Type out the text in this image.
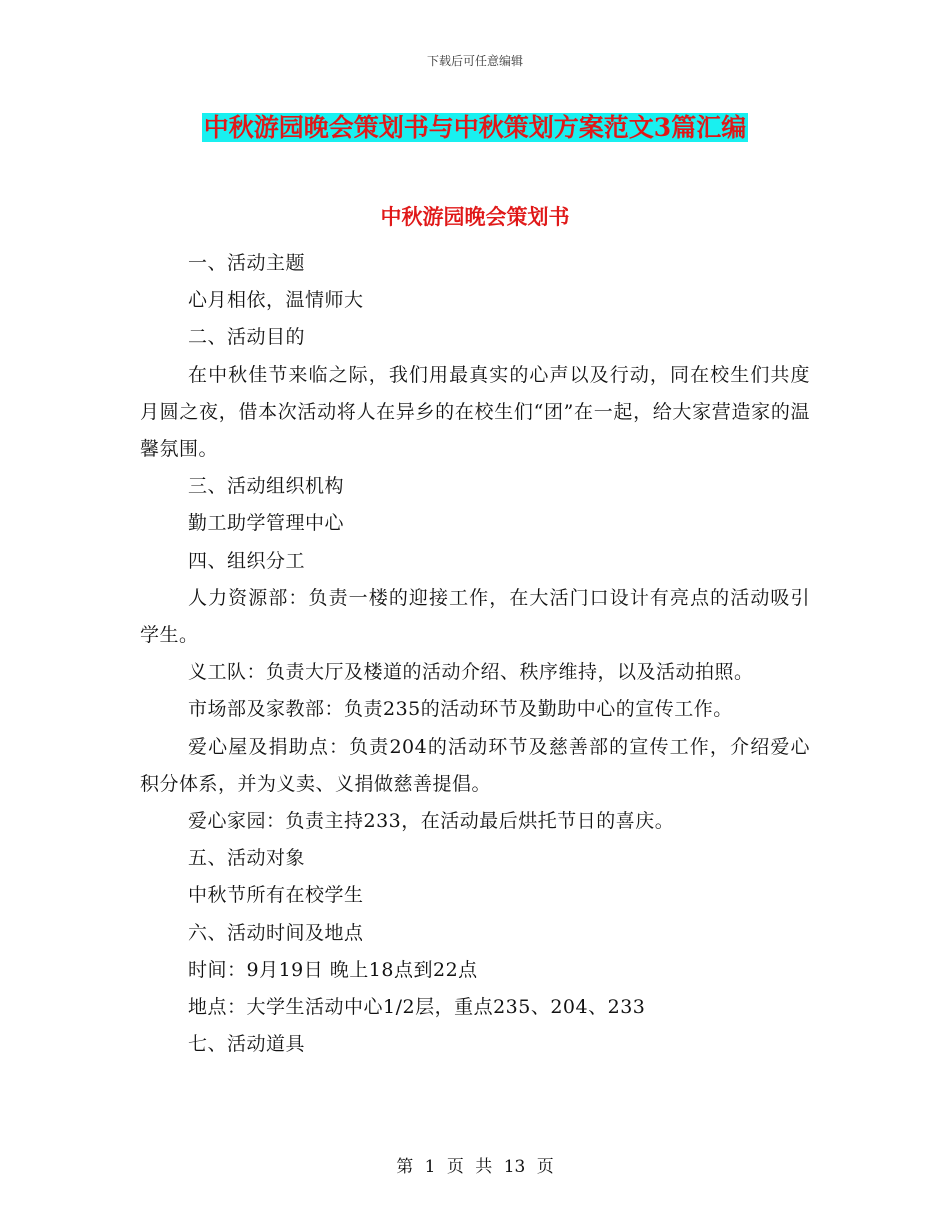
下载后可任意编辑
中秋游园晚会策划书与中秋策划方案范文3篇汇编
中秋游园晚会策划书

一、活动主题

心月相依，温情师大

二、活动目的

在中秋佳节来临之际，我们用最真实的心声以及行动，同在校生们共度月圆之夜，借本次活动将人在异乡的在校生们“团”在一起，给大家营造家的温馨氛围。

三、活动组织机构

勤工助学管理中心

四、组织分工

人力资源部：负责一楼的迎接工作，在大活门口设计有亮点的活动吸引学生。

义工队：负责大厅及楼道的活动介绍、秩序维持，以及活动拍照。

市场部及家教部：负责235的活动环节及勤助中心的宣传工作。

爱心屋及捐助点：负责204的活动环节及慈善部的宣传工作，介绍爱心积分体系，并为义卖、义捐做慈善提倡。

爱心家园：负责主持233，在活动最后烘托节日的喜庆。

五、活动对象

中秋节所有在校学生

六、活动时间及地点

时间：9月19日 晚上18点到22点

地点：大学生活动中心1/2层，重点235、204、233

七、活动道具

第 1 页 共 13 页
